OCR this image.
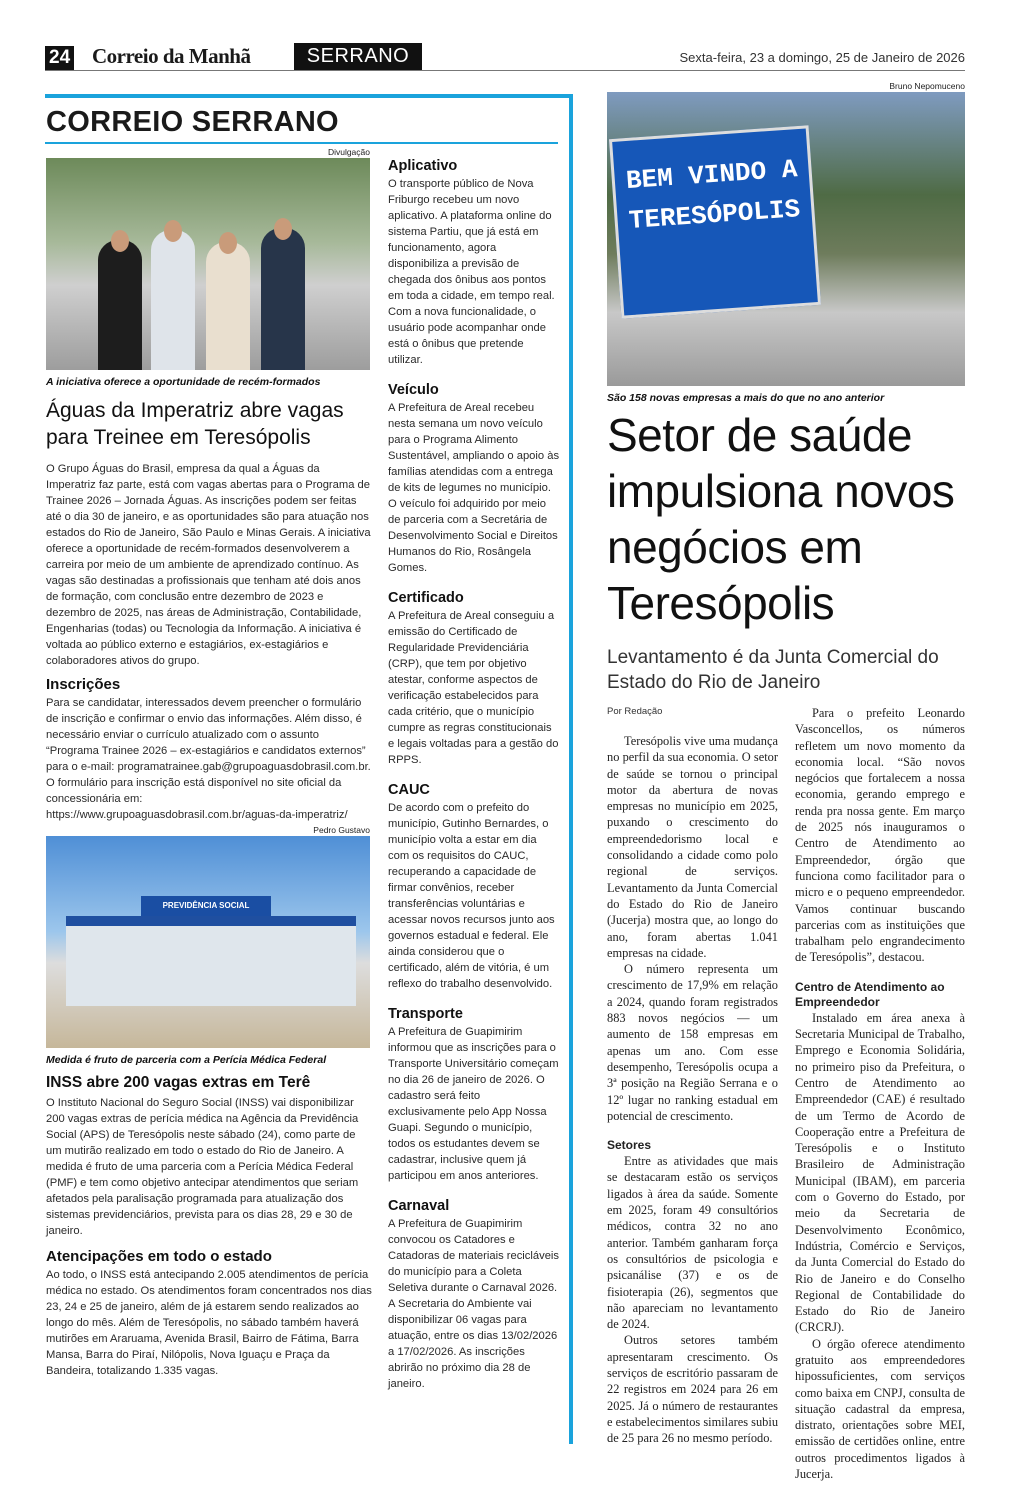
24 Correio da Manhã	SERRANO	Sexta-feira, 23 a domingo, 25 de Janeiro de 2026
CORREIO SERRANO
Divulgação
A iniciativa oferece a oportunidade de recém-formados
Águas da Imperatriz abre vagas para Treinee em Teresópolis
O Grupo Águas do Brasil, empresa da qual a Águas da Imperatriz faz parte, está com vagas abertas para o Programa de Trainee 2026 – Jornada Águas. As inscrições podem ser feitas até o dia 30 de janeiro, e as oportunidades são para atuação nos estados do Rio de Janeiro, São Paulo e Minas Gerais. A iniciativa oferece a oportunidade de recém-formados desenvolverem a carreira por meio de um ambiente de aprendizado contínuo. As vagas são destinadas a profissionais que tenham até dois anos de formação, com conclusão entre dezembro de 2023 e dezembro de 2025, nas áreas de Administração, Contabilidade, Engenharias (todas) ou Tecnologia da Informação. A iniciativa é voltada ao público externo e estagiários, ex-estagiários e colaboradores ativos do grupo.
Inscrições
Para se candidatar, interessados devem preencher o formulário de inscrição e confirmar o envio das informações. Além disso, é necessário enviar o currículo atualizado com o assunto “Programa Trainee 2026 – ex-estagiários e candidatos externos” para o e-mail: programatrainee.gab@grupoaguasdobrasil.com.br. O formulário para inscrição está disponível no site oficial da concessionária em: https://www.grupoaguasdobrasil.com.br/aguas-da-imperatriz/
Pedro Gustavo
PREVIDÊNCIA SOCIAL
Medida é fruto de parceria com a Perícia Médica Federal
INSS abre 200 vagas extras em Terê
O Instituto Nacional do Seguro Social (INSS) vai disponibilizar 200 vagas extras de perícia médica na Agência da Previdência Social (APS) de Teresópolis neste sábado (24), como parte de um mutirão realizado em todo o estado do Rio de Janeiro. A medida é fruto de uma parceria com a Perícia Médica Federal (PMF) e tem como objetivo antecipar atendimentos que seriam afetados pela paralisação programada para atualização dos sistemas previdenciários, prevista para os dias 28, 29 e 30 de janeiro.
Atencipações em todo o estado
Ao todo, o INSS está antecipando 2.005 atendimentos de perícia médica no estado. Os atendimentos foram concentrados nos dias 23, 24 e 25 de janeiro, além de já estarem sendo realizados ao longo do mês. Além de Teresópolis, no sábado também haverá mutirões em Araruama, Avenida Brasil, Bairro de Fátima, Barra Mansa, Barra do Piraí, Nilópolis, Nova Iguaçu e Praça da Bandeira, totalizando 1.335 vagas.
Aplicativo
O transporte público de Nova Friburgo recebeu um novo aplicativo. A plataforma online do sistema Partiu, que já está em funcionamento, agora disponibiliza a previsão de chegada dos ônibus aos pontos em toda a cidade, em tempo real. Com a nova funcionalidade, o usuário pode acompanhar onde está o ônibus que pretende utilizar.
Veículo
A Prefeitura de Areal recebeu nesta semana um novo veículo para o Programa Alimento Sustentável, ampliando o apoio às famílias atendidas com a entrega de kits de legumes no município. O veículo foi adquirido por meio de parceria com a Secretária de Desenvolvimento Social e Direitos Humanos do Rio, Rosângela Gomes.
Certificado
A Prefeitura de Areal conseguiu a emissão do Certificado de Regularidade Previdenciária (CRP), que tem por objetivo atestar, conforme aspectos de verificação estabelecidos para cada critério, que o município cumpre as regras constitucionais e legais voltadas para a gestão do RPPS.
CAUC
De acordo com o prefeito do município, Gutinho Bernardes, o município volta a estar em dia com os requisitos do CAUC, recuperando a capacidade de firmar convênios, receber transferências voluntárias e acessar novos recursos junto aos governos estadual e federal. Ele ainda considerou que o certificado, além de vitória, é um reflexo do trabalho desenvolvido.
Transporte
A Prefeitura de Guapimirim informou que as inscrições para o Transporte Universitário começam no dia 26 de janeiro de 2026. O cadastro será feito exclusivamente pelo App Nossa Guapi. Segundo o município, todos os estudantes devem se cadastrar, inclusive quem já participou em anos anteriores.
Carnaval
A Prefeitura de Guapimirim convocou os Catadores e Catadoras de materiais recicláveis do município para a Coleta Seletiva durante o Carnaval 2026. A Secretaria do Ambiente vai disponibilizar 06 vagas para atuação, entre os dias 13/02/2026 a 17/02/2026. As inscrições abrirão no próximo dia 28 de janeiro.
Bruno Nepomuceno
BEM VINDO A TERESÓPOLIS
São 158 novas empresas a mais do que no ano anterior
Setor de saúde impulsiona novos negócios em Teresópolis
Levantamento é da Junta Comercial do Estado do Rio de Janeiro
Por Redação

Teresópolis vive uma mudança no perfil da sua economia. O setor de saúde se tornou o principal motor da abertura de novas empresas no município em 2025, puxando o crescimento do empreendedorismo local e consolidando a cidade como polo regional de serviços. Levantamento da Junta Comercial do Estado do Rio de Janeiro (Jucerja) mostra que, ao longo do ano, foram abertas 1.041 empresas na cidade.

O número representa um crescimento de 17,9% em relação a 2024, quando foram registrados 883 novos negócios — um aumento de 158 empresas em apenas um ano. Com esse desempenho, Teresópolis ocupa a 3ª posição na Região Serrana e o 12º lugar no ranking estadual em potencial de crescimento.

Setores

Entre as atividades que mais se destacaram estão os serviços ligados à área da saúde. Somente em 2025, foram 49 consultórios médicos, contra 32 no ano anterior. Também ganharam força os consultórios de psicologia e psicanálise (37) e os de fisioterapia (26), segmentos que não apareciam no levantamento de 2024.

Outros setores também apresentaram crescimento. Os serviços de escritório passaram de 22 registros em 2024 para 26 em 2025. Já o número de restaurantes e estabelecimentos similares subiu de 25 para 26 no mesmo período.

Para o prefeito Leonardo Vasconcellos, os números refletem um novo momento da economia local. “São novos negócios que fortalecem a nossa economia, gerando emprego e renda pra nossa gente. Em março de 2025 nós inauguramos o Centro de Atendimento ao Empreendedor, órgão que funciona como facilitador para o micro e o pequeno empreendedor. Vamos continuar buscando parcerias com as instituições que trabalham pelo engrandecimento de Teresópolis”, destacou.

Centro de Atendimento ao Empreendedor

Instalado em área anexa à Secretaria Municipal de Trabalho, Emprego e Economia Solidária, no primeiro piso da Prefeitura, o Centro de Atendimento ao Empreendedor (CAE) é resultado de um Termo de Acordo de Cooperação entre a Prefeitura de Teresópolis e o Instituto Brasileiro de Administração Municipal (IBAM), em parceria com o Governo do Estado, por meio da Secretaria de Desenvolvimento Econômico, Indústria, Comércio e Serviços, da Junta Comercial do Estado do Rio de Janeiro e do Conselho Regional de Contabilidade do Estado do Rio de Janeiro (CRCRJ).

O órgão oferece atendimento gratuito aos empreendedores hipossuficientes, com serviços como baixa em CNPJ, consulta de situação cadastral da empresa, distrato, orientações sobre MEI, emissão de certidões online, entre outros procedimentos ligados à Jucerja.
